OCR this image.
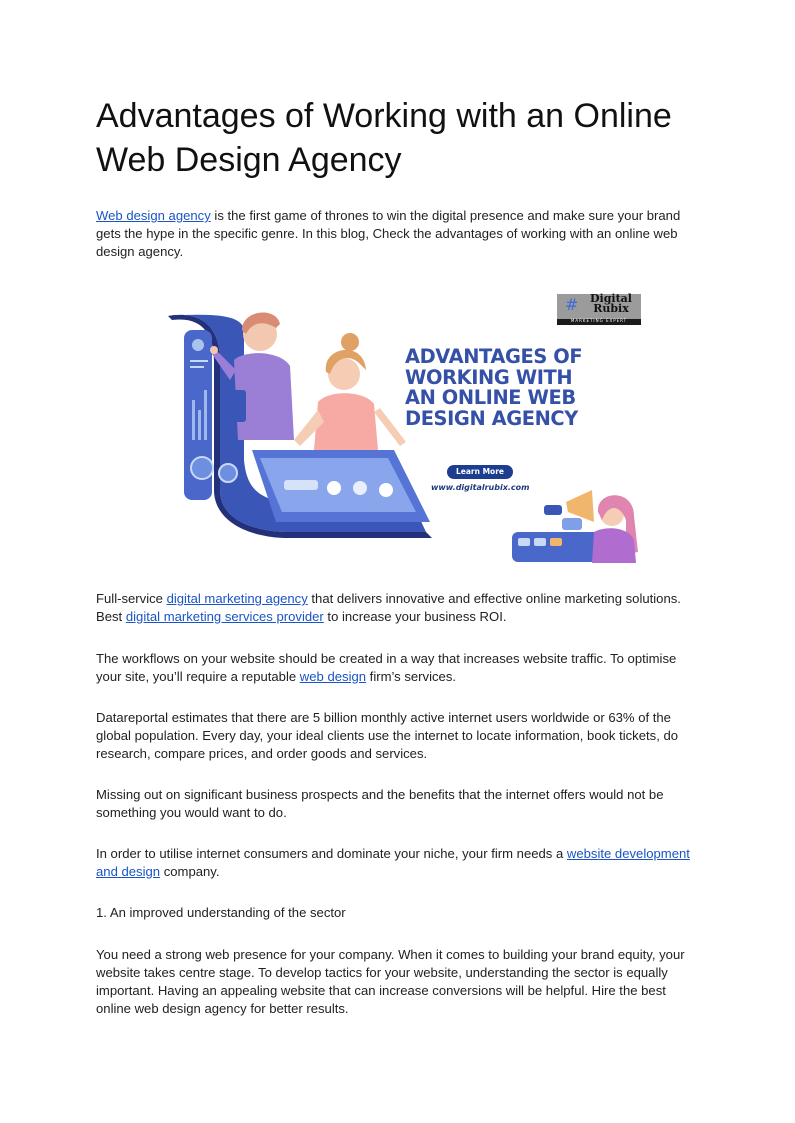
Advantages of Working with an Online Web Design Agency

Web design agency is the first game of thrones to win the digital presence and make sure your brand gets the hype in the specific genre. In this blog, Check the advantages of working with an online web design agency.

Full-service digital marketing agency that delivers innovative and effective online marketing solutions. Best digital marketing services provider to increase your business ROI.

The workflows on your website should be created in a way that increases website traffic. To optimise your site, you’ll require a reputable web design firm’s services.

Datareportal estimates that there are 5 billion monthly active internet users worldwide or 63% of the global population. Every day, your ideal clients use the internet to locate information, book tickets, do research, compare prices, and order goods and services.

Missing out on significant business prospects and the benefits that the internet offers would not be something you would want to do.

In order to utilise internet consumers and dominate your niche, your firm needs a website development and design company.

1. An improved understanding of the sector

You need a strong web presence for your company. When it comes to building your brand equity, your website takes centre stage. To develop tactics for your website, understanding the sector is equally important. Having an appealing website that can increase conversions will be helpful. Hire the best online web design agency for better results.

#	Digital Rubix
MARKETING EXPERT
ADVANTAGES OF
WORKING WITH
AN ONLINE WEB
DESIGN AGENCY
Learn More
www.digitalrubix.com
